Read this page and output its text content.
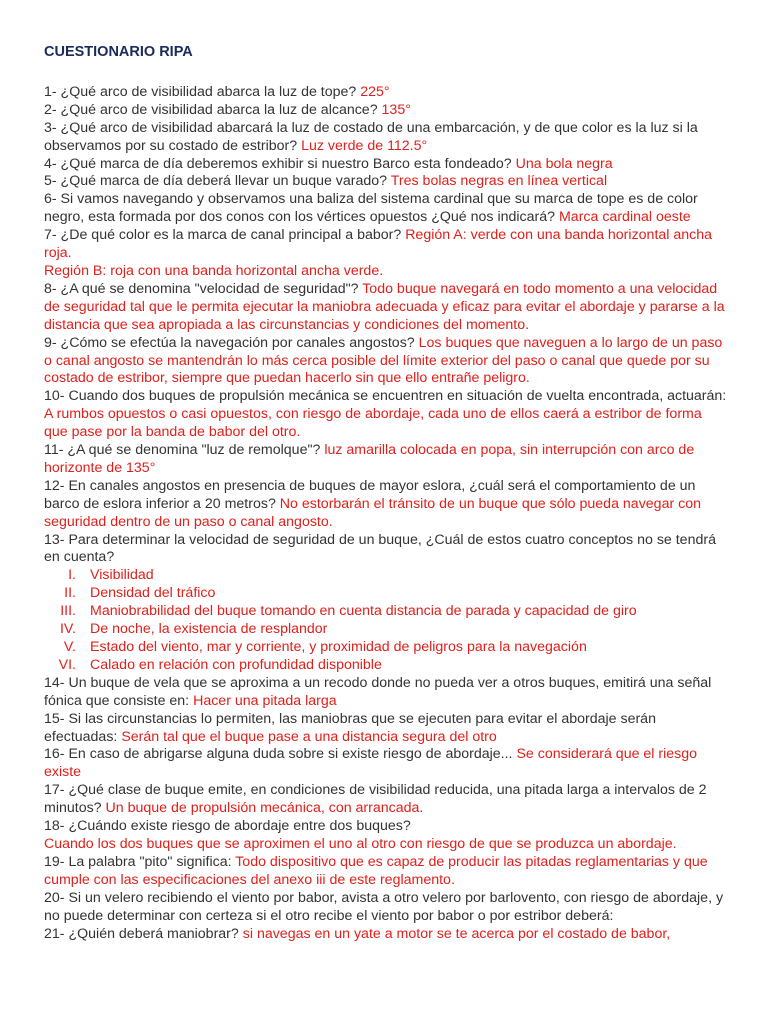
CUESTIONARIO RIPA

1- ¿Qué arco de visibilidad abarca la luz de tope? 225°

2- ¿Qué arco de visibilidad abarca la luz de alcance? 135°

3- ¿Qué arco de visibilidad abarcará la luz de costado de una embarcación, y de que color es la luz si la observamos por su costado de estribor? Luz verde de 112.5°

4- ¿Qué marca de día deberemos exhibir si nuestro Barco esta fondeado? Una bola negra

5- ¿Qué marca de día deberá llevar un buque varado? Tres bolas negras en línea vertical

6- Si vamos navegando y observamos una baliza del sistema cardinal que su marca de tope es de color negro, esta formada por dos conos con los vértices opuestos ¿Qué nos indicará? Marca cardinal oeste

7- ¿De qué color es la marca de canal principal a babor? Región A: verde con una banda horizontal ancha roja.

Región B: roja con una banda horizontal ancha verde.

8- ¿A qué se denomina "velocidad de seguridad"? Todo buque navegará en todo momento a una velocidad de seguridad tal que le permita ejecutar la maniobra adecuada y eficaz para evitar el abordaje y pararse a la distancia que sea apropiada a las circunstancias y condiciones del momento.

9- ¿Cómo se efectúa la navegación por canales angostos? Los buques que naveguen a lo largo de un paso o canal angosto se mantendrán lo más cerca posible del límite exterior del paso o canal que quede por su costado de estribor, siempre que puedan hacerlo sin que ello entrañe peligro.

10- Cuando dos buques de propulsión mecánica se encuentren en situación de vuelta encontrada, actuarán: A rumbos opuestos o casi opuestos, con riesgo de abordaje, cada uno de ellos caerá a estribor de forma que pase por la banda de babor del otro.

11- ¿A qué se denomina "luz de remolque"? luz amarilla colocada en popa, sin interrupción con arco de horizonte de 135°

12- En canales angostos en presencia de buques de mayor eslora, ¿cuál será el comportamiento de un barco de eslora inferior a 20 metros? No estorbarán el tránsito de un buque que sólo pueda navegar con seguridad dentro de un paso o canal angosto.

13- Para determinar la velocidad de seguridad de un buque, ¿Cuál de estos cuatro conceptos no se tendrá en cuenta?

I. Visibilidad
II. Densidad del tráfico
III. Maniobrabilidad del buque tomando en cuenta distancia de parada y capacidad de giro
IV. De noche, la existencia de resplandor
V. Estado del viento, mar y corriente, y proximidad de peligros para la navegación
VI. Calado en relación con profundidad disponible

14- Un buque de vela que se aproxima a un recodo donde no pueda ver a otros buques, emitirá una señal fónica que consiste en: Hacer una pitada larga

15- Si las circunstancias lo permiten, las maniobras que se ejecuten para evitar el abordaje serán efectuadas: Serán tal que el buque pase a una distancia segura del otro

16- En caso de abrigarse alguna duda sobre si existe riesgo de abordaje... Se considerará que el riesgo existe

17- ¿Qué clase de buque emite, en condiciones de visibilidad reducida, una pitada larga a intervalos de 2 minutos? Un buque de propulsión mecánica, con arrancada.

18- ¿Cuándo existe riesgo de abordaje entre dos buques?

Cuando los dos buques que se aproximen el uno al otro con riesgo de que se produzca un abordaje.

19- La palabra "pito" significa: Todo dispositivo que es capaz de producir las pitadas reglamentarias y que cumple con las especificaciones del anexo iii de este reglamento.

20- Si un velero recibiendo el viento por babor, avista a otro velero por barlovento, con riesgo de abordaje, y no puede determinar con certeza si el otro recibe el viento por babor o por estribor deberá:

21- ¿Quién deberá maniobrar? si navegas en un yate a motor se te acerca por el costado de babor,
